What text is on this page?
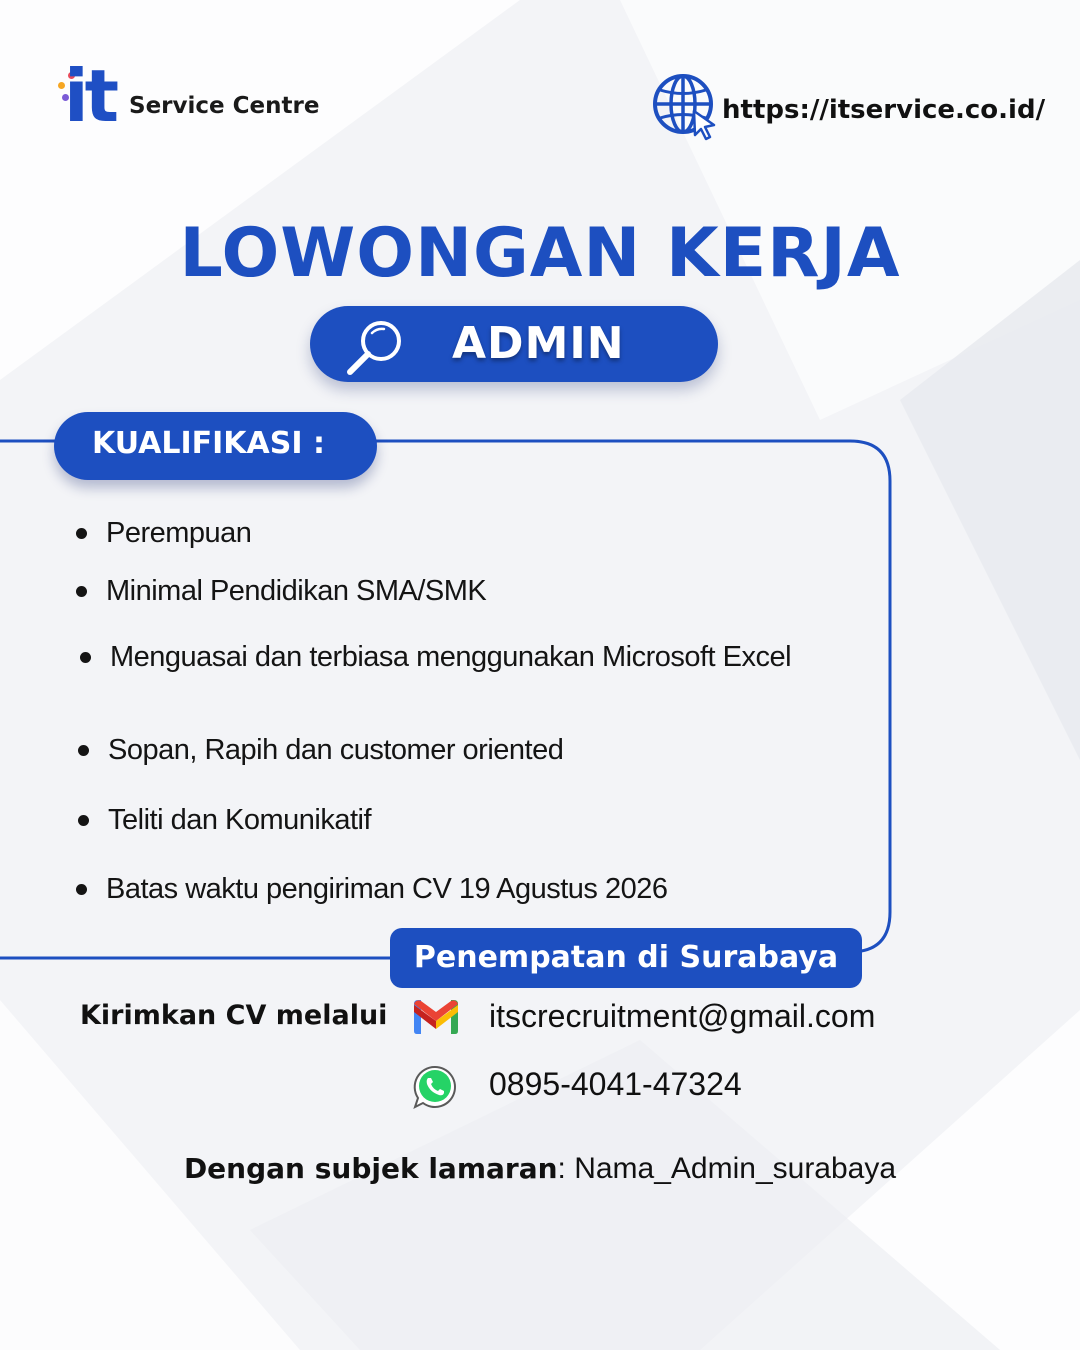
it Service Centre	https://itservice.co.id/
LOWONGAN KERJA
ADMIN
KUALIFIKASI :
Perempuan
Minimal Pendidikan SMA/SMK
Menguasai dan terbiasa menggunakan Microsoft Excel
Sopan, Rapih dan customer oriented
Teliti dan Komunikatif
Batas waktu pengiriman CV 19 Agustus 2026
Penempatan di Surabaya
Kirimkan CV melalui	itscrecruitment@gmail.com
0895-4041-47324
Dengan subjek lamaran: Nama_Admin_surabaya
